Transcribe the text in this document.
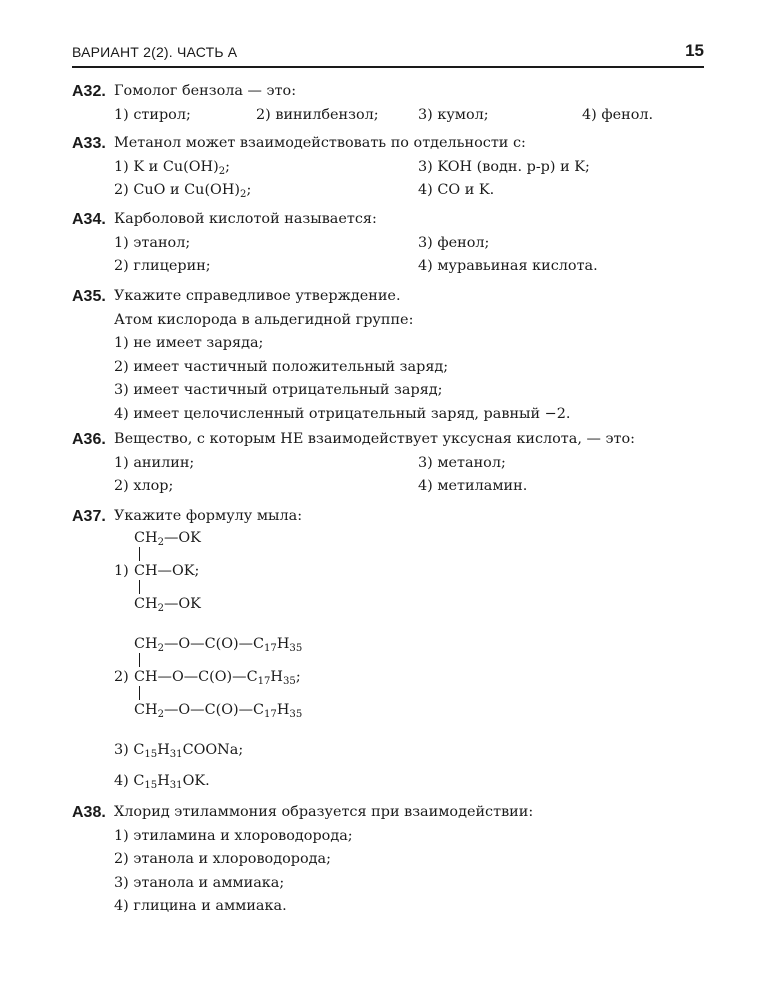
ВАРИАНТ 2(2). ЧАСТЬ А	15
А32. Гомолог бензола — это:
1) стирол;	2) винилбензол;	3) кумол;	4) фенол.
А33. Метанол может взаимодействовать по отдельности с:
1) K и $Cu(OH)_2$;	3) KOH (водн. р-р) и K;
2) CuO и $Cu(OH)_2$;	4) CO и K.
А34. Карболовой кислотой называется:
1) этанол;	3) фенол;
2) глицерин;	4) муравьиная кислота.
А35. Укажите справедливое утверждение.
Атом кислорода в альдегидной группе:
1) не имеет заряда;
2) имеет частичный положительный заряд;
3) имеет частичный отрицательный заряд;
4) имеет целочисленный отрицательный заряд, равный −2.
А36. Вещество, с которым НЕ взаимодействует уксусная кислота, — это:
1) анилин;	3) метанол;
2) хлор;	4) метиламин.
А37. Укажите формулу мыла:
$CH_2—OK$
1) CH—OK;
$CH_2—OK$
$CH_2—O—C(O)—C_{17}H_{35}$
2) $CH—O—C(O)—C_{17}H_{35}$;
$CH_2—O—C(O)—C_{17}H_{35}$
3) $C_{15}H_{31}COONa$;
4) $C_{15}H_{31}OK$.
А38. Хлорид этиламмония образуется при взаимодействии:
1) этиламина и хлороводорода;
2) этанола и хлороводорода;
3) этанола и аммиака;
4) глицина и аммиака.
